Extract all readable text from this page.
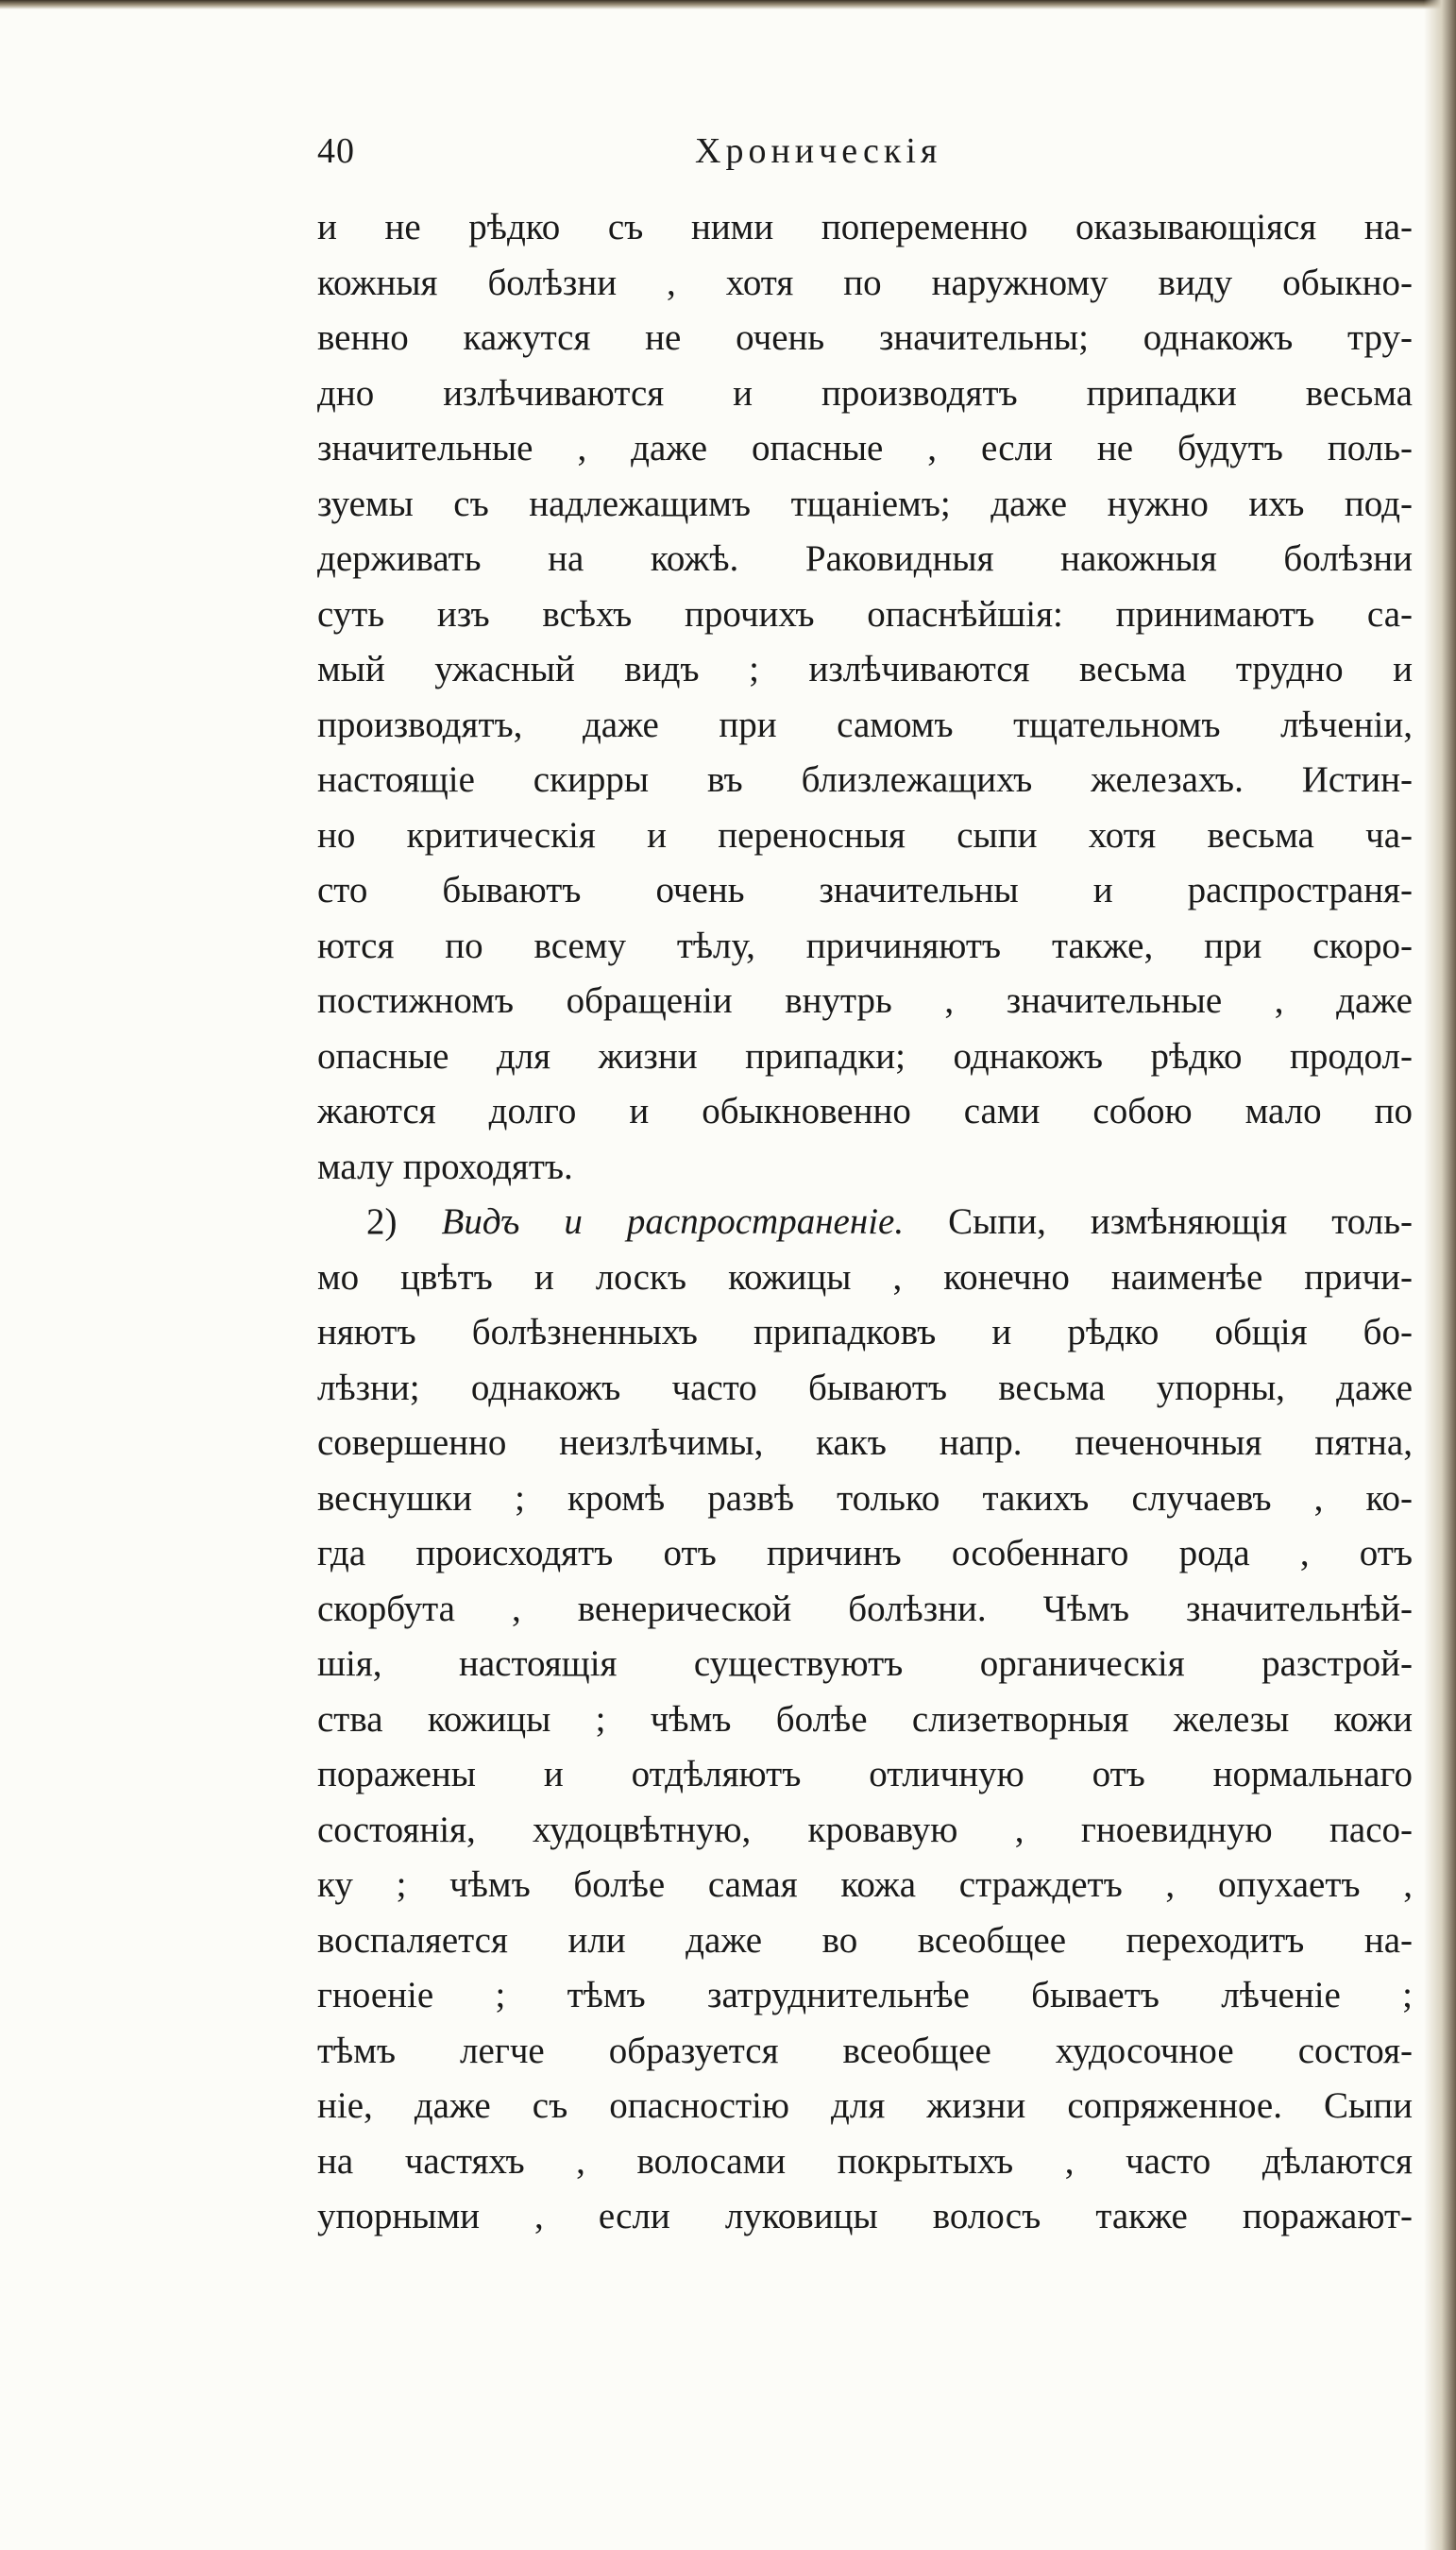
40	Хроническія
и не рѣдко съ ними попеременно оказывающіяся на-
кожныя болѣзни , хотя по наружному виду обыкно-
венно кажутся не очень значительны; однакожъ тру-
дно излѣчиваются и производятъ припадки весьма
значительные , даже опасные , если не будутъ поль-
зуемы съ надлежащимъ тщаніемъ; даже нужно ихъ под-
держивать на кожѣ. Раковидныя накожныя болѣзни
суть изъ всѣхъ прочихъ опаснѣйшія: принимаютъ са-
мый ужасный видъ ; излѣчиваются весьма трудно и
производятъ, даже при самомъ тщательномъ лѣченіи,
настоящіе скирры въ близлежащихъ железахъ. Истин-
но критическія и переносныя сыпи хотя весьма ча-
сто бываютъ очень значительны и распространя-
ются по всему тѣлу, причиняютъ также, при скоро-
постижномъ обращеніи внутрь , значительные , даже
опасные для жизни припадки; однакожъ рѣдко продол-
жаются долго и обыкновенно сами собою мало по
малу проходятъ.
2) Видъ и распространеніе. Сыпи, измѣняющія толь-
мо цвѣтъ и лоскъ кожицы , конечно наименѣе причи-
няютъ болѣзненныхъ припадковъ и рѣдко общія бо-
лѣзни; однакожъ часто бываютъ весьма упорны, даже
совершенно неизлѣчимы, какъ напр. печеночныя пятна,
веснушки ; кромѣ развѣ только такихъ случаевъ , ко-
гда происходятъ отъ причинъ особеннаго рода , отъ
скорбута , венерической болѣзни. Чѣмъ значительнѣй-
шія, настоящія существуютъ органическія разстрой-
ства кожицы ; чѣмъ болѣе слизетворныя железы кожи
поражены и отдѣляютъ отличную отъ нормальнаго
состоянія, худоцвѣтную, кровавую , гноевидную пасо-
ку ; чѣмъ болѣе самая кожа страждетъ , опухаетъ ,
воспаляется или даже во всеобщее переходитъ на-
гноеніе ; тѣмъ затруднительнѣе бываетъ лѣченіе ;
тѣмъ легче образуется всеобщее худосочное состоя-
ніе, даже съ опасностію для жизни сопряженное. Сыпи
на частяхъ , волосами покрытыхъ , часто дѣлаются
упорными , если луковицы волосъ также поражают-
